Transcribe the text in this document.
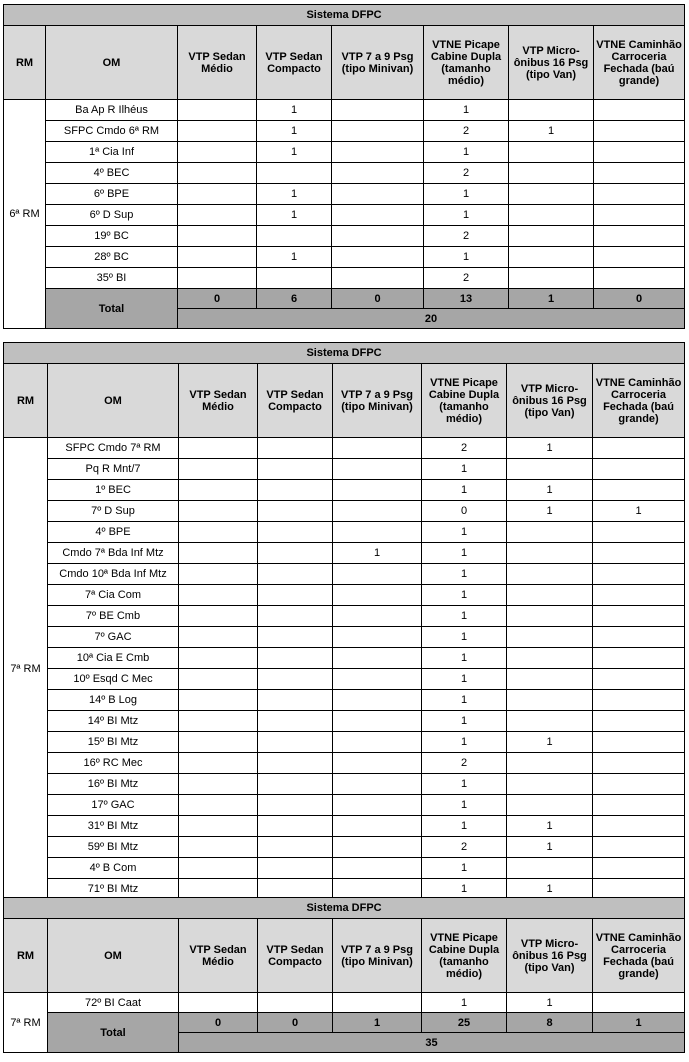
Sistema DFPC							
RM	OM	VTP Sedan Médio	VTP Sedan Compacto	VTP 7 a 9 Psg (tipo Minivan)	VTNE Picape Cabine Dupla (tamanho médio)	VTP Micro-ônibus 16 Psg (tipo Van)	VTNE Caminhão Carroceria Fechada (baú grande)
6ª RM	Ba Ap R Ilhéus		1		1		
	SFPC Cmdo 6ª RM		1		2	1	
	1ª Cia Inf		1		1		
	4º BEC				2		
	6º BPE		1		1		
	6º D Sup		1		1		
	19º BC				2		
	28º BC		1		1		
	35º BI				2		
	Total	0	6	0	13	1	0
		20					
Sistema DFPC							
RM	OM	VTP Sedan Médio	VTP Sedan Compacto	VTP 7 a 9 Psg (tipo Minivan)	VTNE Picape Cabine Dupla (tamanho médio)	VTP Micro-ônibus 16 Psg (tipo Van)	VTNE Caminhão Carroceria Fechada (baú grande)
7ª RM	SFPC Cmdo 7ª RM				2	1	
	Pq R Mnt/7				1		
	1º BEC				1	1	
	7º D Sup				0	1	1
	4º BPE				1		
	Cmdo 7ª Bda Inf Mtz			1	1		
	Cmdo 10ª Bda Inf Mtz				1		
	7ª Cia Com				1		
	7º BE Cmb				1		
	7º GAC				1		
	10ª Cia E Cmb				1		
	10º Esqd C Mec				1		
	14º B Log				1		
	14º BI Mtz				1		
	15º BI Mtz				1	1	
	16º RC Mec				2		
	16º BI Mtz				1		
	17º GAC				1		
	31º BI Mtz				1	1	
	59º BI Mtz				2	1	
	4º B Com				1		
	71º BI Mtz				1	1	
Sistema DFPC							
RM	OM	VTP Sedan Médio	VTP Sedan Compacto	VTP 7 a 9 Psg (tipo Minivan)	VTNE Picape Cabine Dupla (tamanho médio)	VTP Micro-ônibus 16 Psg (tipo Van)	VTNE Caminhão Carroceria Fechada (baú grande)
7ª RM	72º BI Caat				1	1	
	Total	0	0	1	25	8	1
		35					
